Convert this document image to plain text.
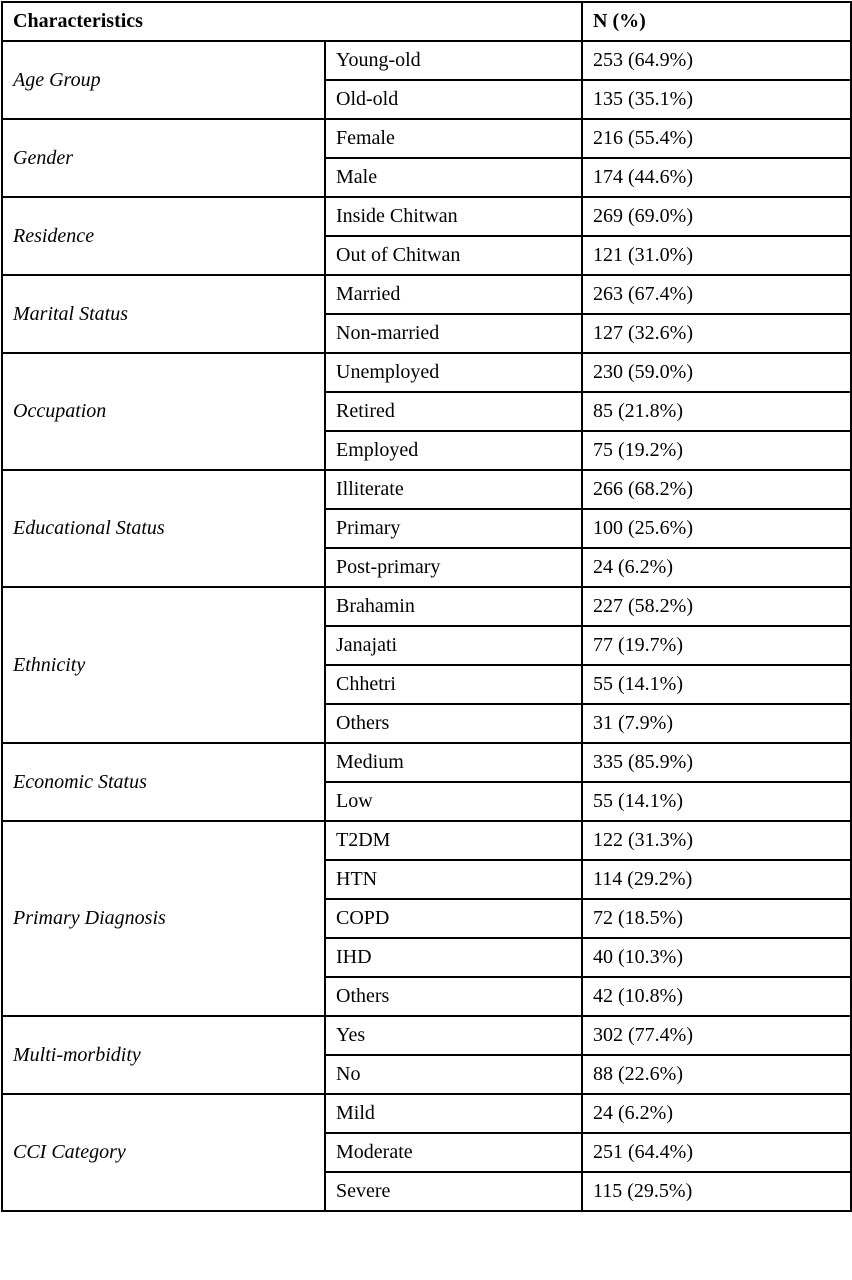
Characteristics		N (%)
Age Group	Young-old	253 (64.9%)
	Old-old	135 (35.1%)
Gender	Female	216 (55.4%)
	Male	174 (44.6%)
Residence	Inside Chitwan	269 (69.0%)
	Out of Chitwan	121 (31.0%)
Marital Status	Married	263 (67.4%)
	Non-married	127 (32.6%)
Occupation	Unemployed	230 (59.0%)
	Retired	85 (21.8%)
	Employed	75 (19.2%)
Educational Status	Illiterate	266 (68.2%)
	Primary	100 (25.6%)
	Post-primary	24 (6.2%)
Ethnicity	Brahamin	227 (58.2%)
	Janajati	77 (19.7%)
	Chhetri	55 (14.1%)
	Others	31 (7.9%)
Economic Status	Medium	335 (85.9%)
	Low	55 (14.1%)
Primary Diagnosis	T2DM	122 (31.3%)
	HTN	114 (29.2%)
	COPD	72 (18.5%)
	IHD	40 (10.3%)
	Others	42 (10.8%)
Multi-morbidity	Yes	302 (77.4%)
	No	88 (22.6%)
CCI Category	Mild	24 (6.2%)
	Moderate	251 (64.4%)
	Severe	115 (29.5%)
